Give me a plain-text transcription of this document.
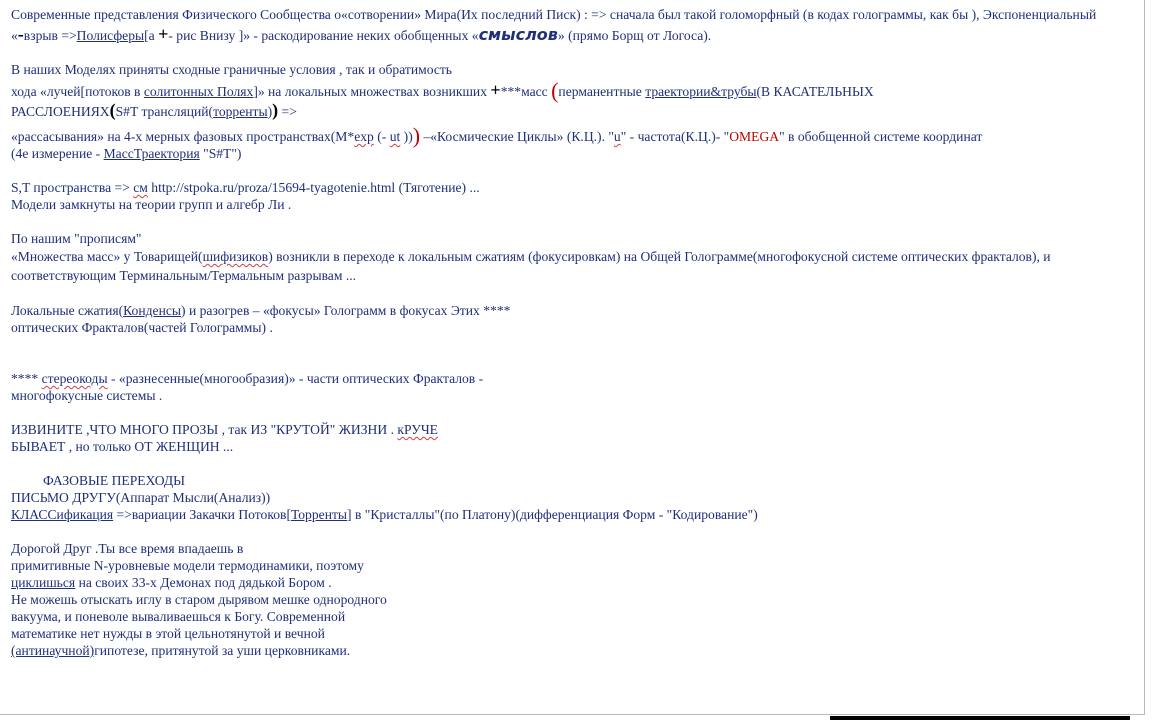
Современные представления Физического Сообщества о«сотворении» Мира(Их последний Писк) : => сначала был такой голоморфный (в кодах голограммы, как бы ), Экспоненциальный

«-взрыв =>Полисферы[а +- рис Внизу ]» - раскодирование неких обобщенных «смыслов» (прямо Борщ от Логоса).

В наших Моделях приняты сходные граничные условия , так и обратимость

хода «лучей[потоков в солитонных Полях]» на локальных множествах возникших +***масс (перманентные траектории&трубы(В КАСАТЕЛЬНЫХ

РАССЛОЕНИЯХ(S#T трансляций(торренты)) =>

«рассасывания» на 4-х мерных фазовых пространствах(M*exp (- ut ))) –«Космические Циклы» (К.Ц.). "u" - частота(К.Ц.)- "OMEGA" в обобщенной системе координат

(4е измерение - МассТраектория "S#T")

S,T пространства => см http://stpoka.ru/proza/15694-tyagotenie.html (Тяготение) ...

Модели замкнуты на теории групп и алгебр Ли .

По нашим "прописям"

«Множества масс» у Товарищей(шифизиков) возникли в переходе к локальным сжатиям (фокусировкам) на Общей Голограмме(многофокусной системе оптических фракталов), и соответствующим Терминальным/Термальным разрывам ...

Локальные сжатия(Конденсы) и разогрев – «фокусы» Голограмм в фокусах Этих ****

оптических Фракталов(частей Голограммы) .

**** стереокоды - «разнесенные(многообразия)» - части оптических Фракталов -

многофокусные системы .

ИЗВИНИТЕ ,ЧТО МНОГО ПРОЗЫ , так ИЗ "КРУТОЙ" ЖИЗНИ . кРУЧЕ

БЫВАЕТ , но только ОТ ЖЕНЩИН ...

ФАЗОВЫЕ ПЕРЕХОДЫ

ПИСЬМО ДРУГУ(Аппарат Мысли(Анализ))

КЛАССификация =>вариации Закачки Потоков[Торренты] в "Кристаллы"(по Платону)(дифференциация Форм - "Кодирование")

Дорогой Друг .Ты все время впадаешь в

примитивные N-уровневые модели термодинамики, поэтому

циклишься на своих 33-х Демонах под дядькой Бором .

Не можешь отыскать иглу в старом дырявом мешке однородного

вакуума, и поневоле вываливаешься к Богу. Современной

математике нет нужды в этой цельнотянутой и вечной

(антинаучной)гипотезе, притянутой за уши церковниками.
